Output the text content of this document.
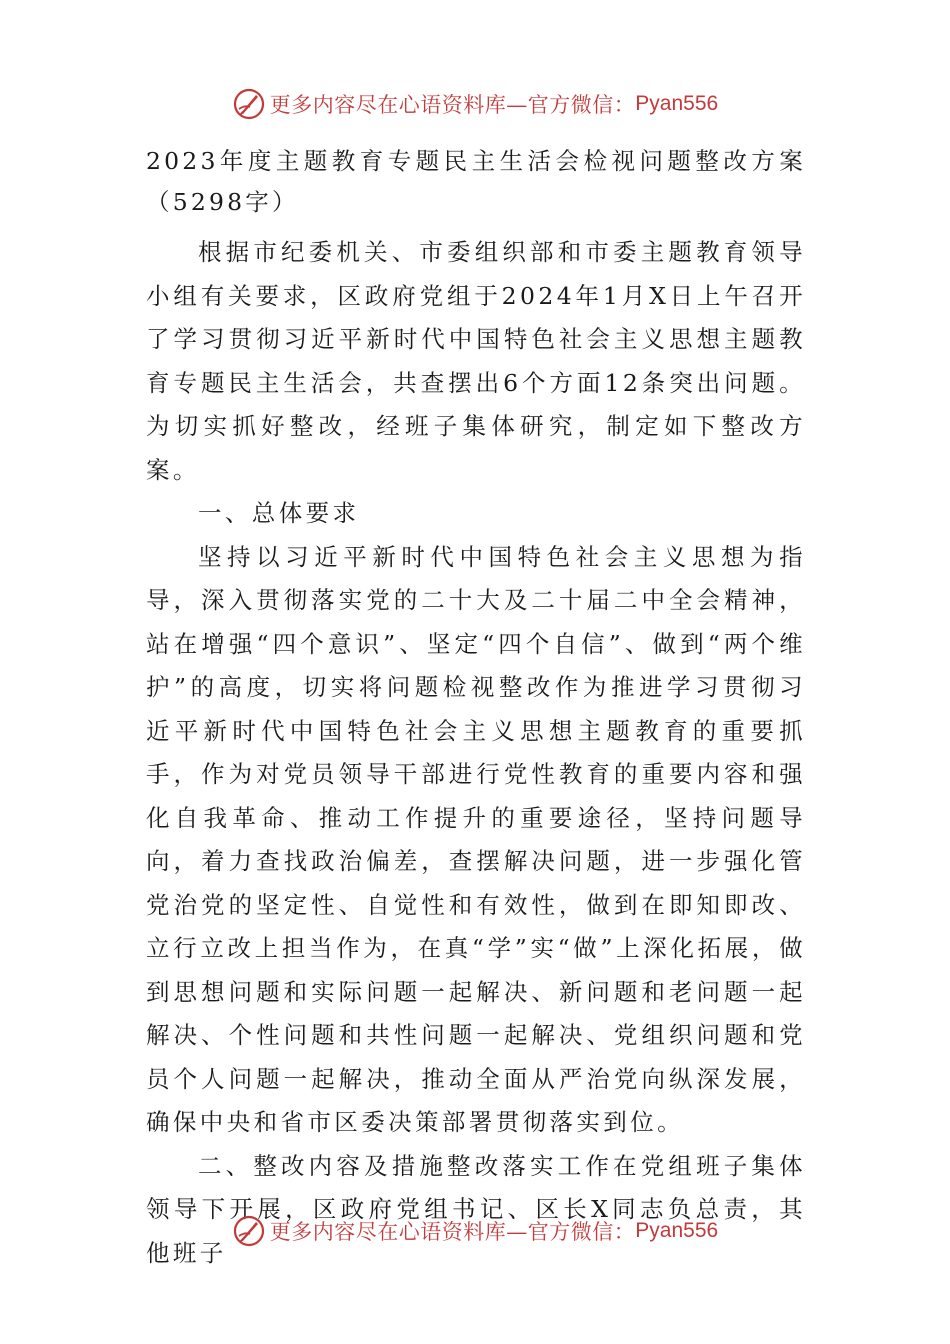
更多内容尽在心语资料库—官方微信： Pyan556

2023年度主题教育专题民主生活会检视问题整改方案（5298字）

根据市纪委机关、市委组织部和市委主题教育领导小组有关要求，区政府党组于2024年1月X日上午召开了学习贯彻习近平新时代中国特色社会主义思想主题教育专题民主生活会，共查摆出6个方面12条突出问题。为切实抓好整改，经班子集体研究，制定如下整改方案。

一、总体要求

坚持以习近平新时代中国特色社会主义思想为指导，深入贯彻落实党的二十大及二十届二中全会精神，站在增强“四个意识”、坚定“四个自信”、做到“两个维护”的高度，切实将问题检视整改作为推进学习贯彻习近平新时代中国特色社会主义思想主题教育的重要抓手，作为对党员领导干部进行党性教育的重要内容和强化自我革命、推动工作提升的重要途径，坚持问题导向，着力查找政治偏差，查摆解决问题，进一步强化管党治党的坚定性、自觉性和有效性，做到在即知即改、立行立改上担当作为，在真“学”实“做”上深化拓展，做到思想问题和实际问题一起解决、新问题和老问题一起解决、个性问题和共性问题一起解决、党组织问题和党员个人问题一起解决，推动全面从严治党向纵深发展，确保中央和省市区委决策部署贯彻落实到位。

二、整改内容及措施整改落实工作在党组班子集体领导下开展，区政府党组书记、区长X同志负总责，其他班子

更多内容尽在心语资料库—官方微信： Pyan556
